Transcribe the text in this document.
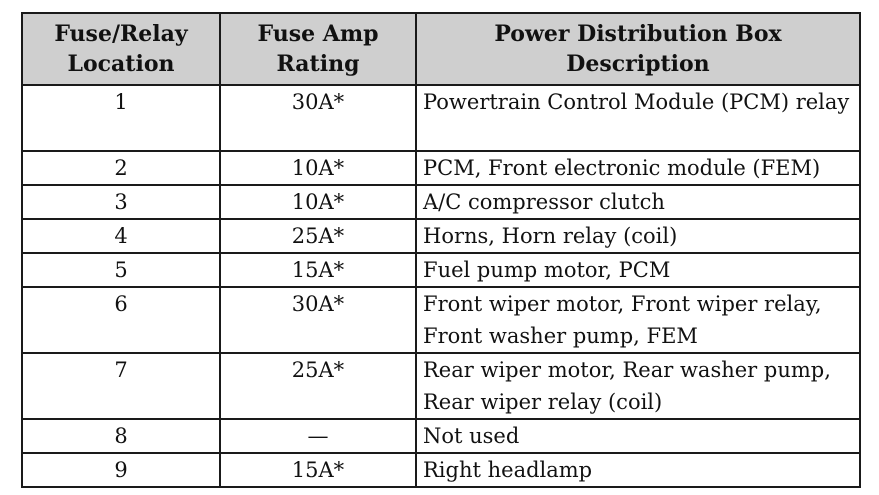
Fuse/Relay Location	Fuse Amp Rating	Power Distribution Box Description
1	30A*	Powertrain Control Module (PCM) relay
2	10A*	PCM, Front electronic module (FEM)
3	10A*	A/C compressor clutch
4	25A*	Horns, Horn relay (coil)
5	15A*	Fuel pump motor, PCM
6	30A*	Front wiper motor, Front wiper relay, Front washer pump, FEM
7	25A*	Rear wiper motor, Rear washer pump, Rear wiper relay (coil)
8	—	Not used
9	15A*	Right headlamp
